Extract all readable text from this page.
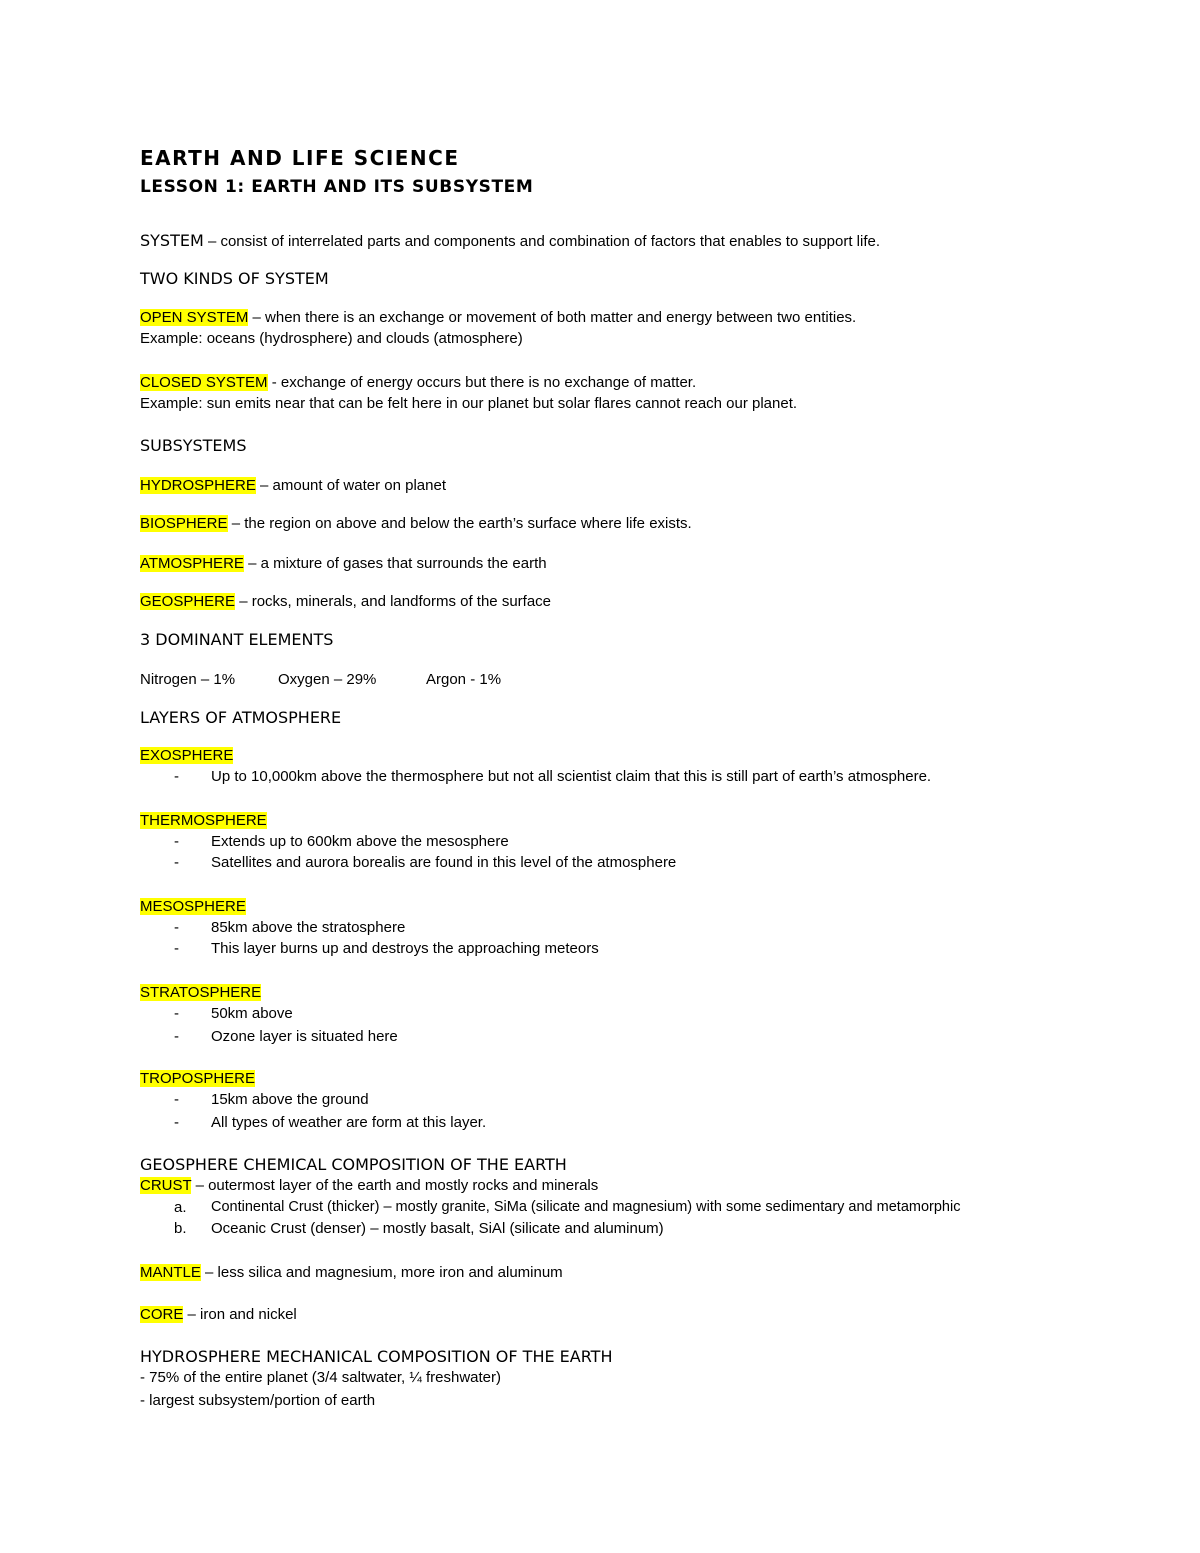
EARTH AND LIFE SCIENCE
LESSON 1: EARTH AND ITS SUBSYSTEM
SYSTEM – consist of interrelated parts and components and combination of factors that enables to support life.
TWO KINDS OF SYSTEM
OPEN SYSTEM – when there is an exchange or movement of both matter and energy between two entities.
Example: oceans (hydrosphere) and clouds (atmosphere)
CLOSED SYSTEM - exchange of energy occurs but there is no exchange of matter.
Example: sun emits near that can be felt here in our planet but solar flares cannot reach our planet.
SUBSYSTEMS
HYDROSPHERE – amount of water on planet
BIOSPHERE – the region on above and below the earth’s surface where life exists.
ATMOSPHERE – a mixture of gases that surrounds the earth
GEOSPHERE – rocks, minerals, and landforms of the surface
3 DOMINANT ELEMENTS
Nitrogen – 1%	Oxygen – 29%	Argon - 1%
LAYERS OF ATMOSPHERE
EXOSPHERE
- Up to 10,000km above the thermosphere but not all scientist claim that this is still part of earth’s atmosphere.
THERMOSPHERE
- Extends up to 600km above the mesosphere
- Satellites and aurora borealis are found in this level of the atmosphere
MESOSPHERE
- 85km above the stratosphere
- This layer burns up and destroys the approaching meteors
STRATOSPHERE
- 50km above
- Ozone layer is situated here
TROPOSPHERE
- 15km above the ground
- All types of weather are form at this layer.
GEOSPHERE CHEMICAL COMPOSITION OF THE EARTH
CRUST – outermost layer of the earth and mostly rocks and minerals
a. Continental Crust (thicker) – mostly granite, SiMa (silicate and magnesium) with some sedimentary and metamorphic
b. Oceanic Crust (denser) – mostly basalt, SiAl (silicate and aluminum)
MANTLE – less silica and magnesium, more iron and aluminum
CORE – iron and nickel
HYDROSPHERE MECHANICAL COMPOSITION OF THE EARTH
- 75% of the entire planet (3/4 saltwater, ¼ freshwater)
- largest subsystem/portion of earth
